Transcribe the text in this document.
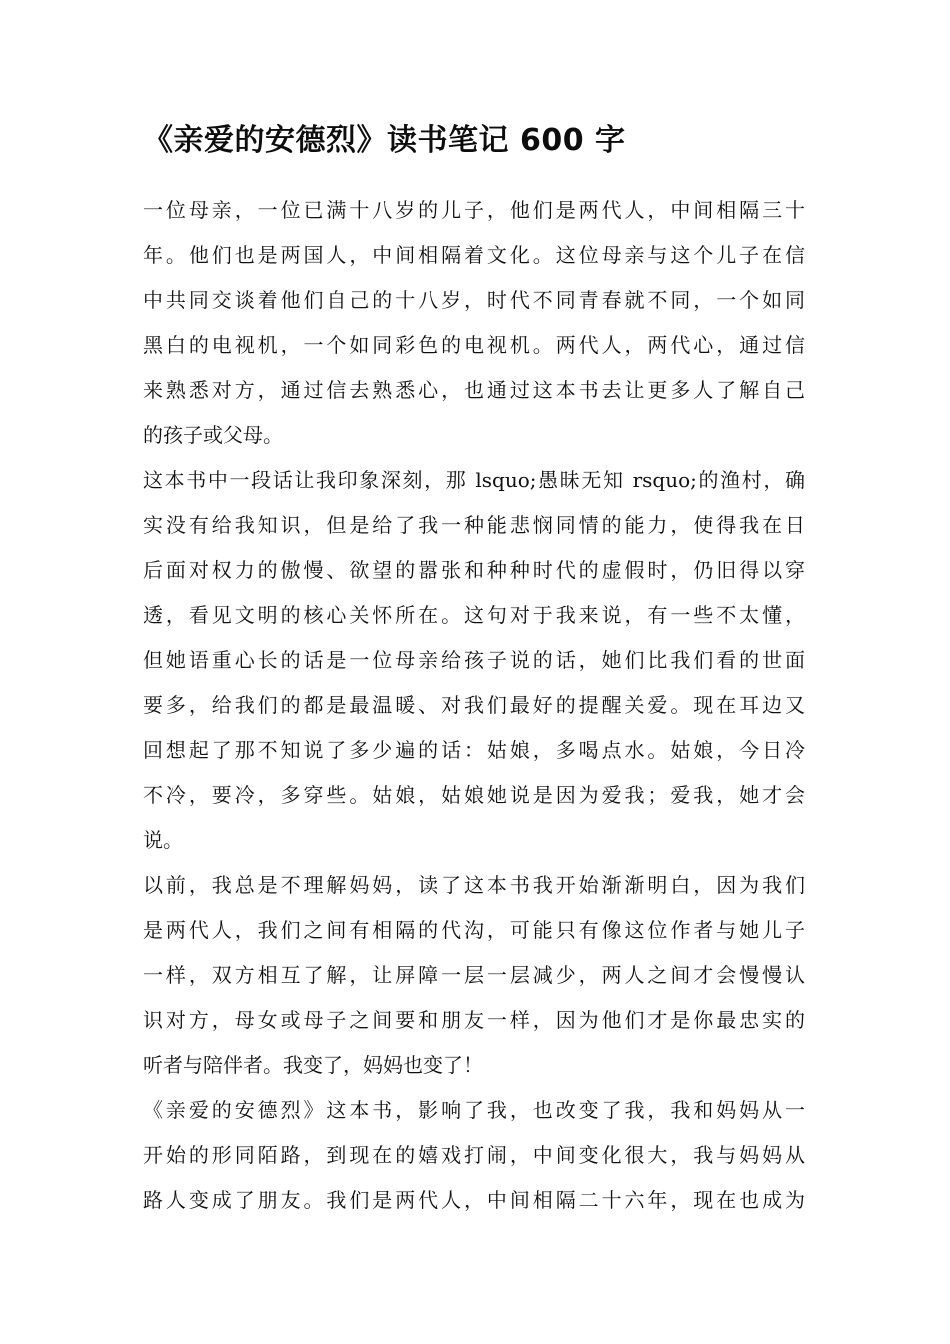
《亲爱的安德烈》读书笔记 600 字

一位母亲，一位已满十八岁的儿子，他们是两代人，中间相隔三十

年。他们也是两国人，中间相隔着文化。这位母亲与这个儿子在信

中共同交谈着他们自己的十八岁，时代不同青春就不同，一个如同

黑白的电视机，一个如同彩色的电视机。两代人，两代心，通过信

来熟悉对方，通过信去熟悉心，也通过这本书去让更多人了解自己

的孩子或父母。

这本书中一段话让我印象深刻，那 lsquo;愚昧无知 rsquo;的渔村，确

实没有给我知识，但是给了我一种能悲悯同情的能力，使得我在日

后面对权力的傲慢、欲望的嚣张和种种时代的虚假时，仍旧得以穿

透，看见文明的核心关怀所在。这句对于我来说，有一些不太懂，

但她语重心长的话是一位母亲给孩子说的话，她们比我们看的世面

要多，给我们的都是最温暖、对我们最好的提醒关爱。现在耳边又

回想起了那不知说了多少遍的话：姑娘，多喝点水。姑娘，今日冷

不冷，要冷，多穿些。姑娘，姑娘她说是因为爱我；爱我，她才会

说。

以前，我总是不理解妈妈，读了这本书我开始渐渐明白，因为我们

是两代人，我们之间有相隔的代沟，可能只有像这位作者与她儿子

一样，双方相互了解，让屏障一层一层减少，两人之间才会慢慢认

识对方，母女或母子之间要和朋友一样，因为他们才是你最忠实的

听者与陪伴者。我变了，妈妈也变了！

《亲爱的安德烈》这本书，影响了我，也改变了我，我和妈妈从一

开始的形同陌路，到现在的嬉戏打闹，中间变化很大，我与妈妈从

路人变成了朋友。我们是两代人，中间相隔二十六年，现在也成为
